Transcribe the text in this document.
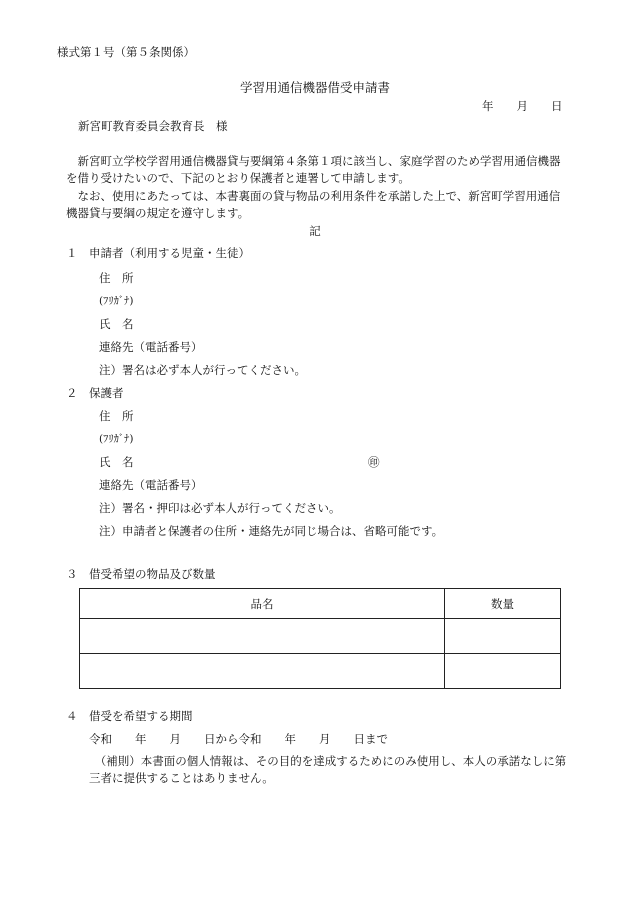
様式第１号（第５条関係）
学習用通信機器借受申請書
年　　月　　日
新宮町教育委員会教育長　様
新宮町立学校学習用通信機器貸与要綱第４条第１項に該当し、家庭学習のため学習用通信機器を借り受けたいので、下記のとおり保護者と連署して申請します。
なお、使用にあたっては、本書裏面の貸与物品の利用条件を承諾した上で、新宮町学習用通信機器貸与要綱の規定を遵守します。
記
１　申請者（利用する児童・生徒）
住　所
(ﾌﾘｶﾞﾅ)
氏　名
連絡先（電話番号）
注）署名は必ず本人が行ってください。
２　保護者
住　所
(ﾌﾘｶﾞﾅ)
氏　名	㊞
連絡先（電話番号）
注）署名・押印は必ず本人が行ってください。
注）申請者と保護者の住所・連絡先が同じ場合は、省略可能です。
３　借受希望の物品及び数量
品名	数量

４　借受を希望する期間
令和　　年　　月　　日から令和　　年　　月　　日まで
（補則）本書面の個人情報は、その目的を達成するためにのみ使用し、本人の承諾なしに第三者に提供することはありません。
